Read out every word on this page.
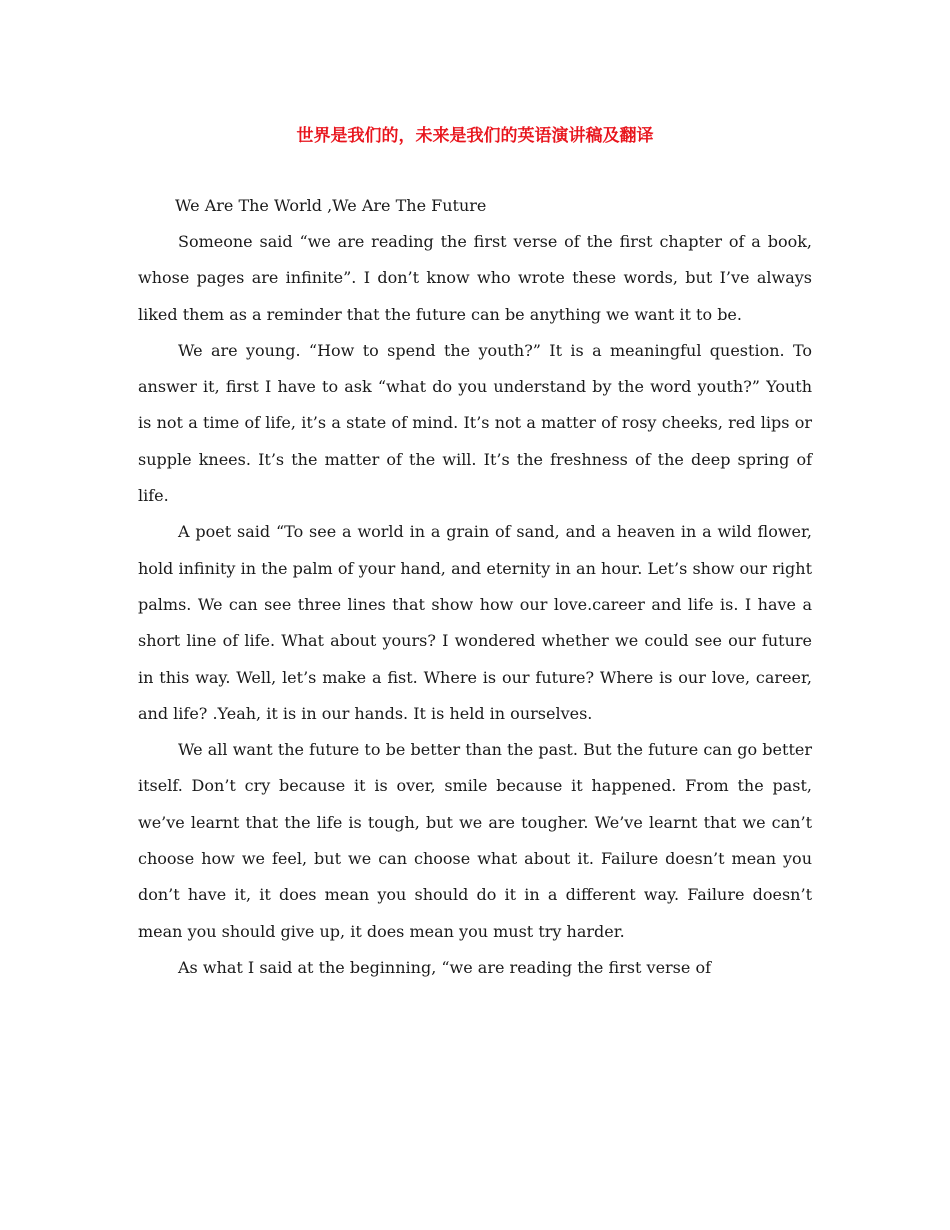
世界是我们的，未来是我们的英语演讲稿及翻译

We Are The World ,We Are The Future

Someone said “we are reading the first verse of the first chapter of a book, whose pages are infinite”. I don’t know who wrote these words, but I’ve always liked them as a reminder that the future can be anything we want it to be.

We are young. “How to spend the youth?” It is a meaningful question. To answer it, first I have to ask “what do you understand by the word youth?” Youth is not a time of life, it’s a state of mind. It’s not a matter of rosy cheeks, red lips or supple knees. It’s the matter of the will. It’s the freshness of the deep spring of life.

A poet said “To see a world in a grain of sand, and a heaven in a wild flower, hold infinity in the palm of your hand, and eternity in an hour. Let’s show our right palms. We can see three lines that show how our love.career and life is. I have a short line of life. What about yours? I wondered whether we could see our future in this way. Well, let’s make a fist. Where is our future? Where is our love, career, and life? .Yeah, it is in our hands. It is held in ourselves.

We all want the future to be better than the past. But the future can go better itself. Don’t cry because it is over, smile because it happened. From the past, we’ve learnt that the life is tough, but we are tougher. We’ve learnt that we can’t choose how we feel, but we can choose what about it. Failure doesn’t mean you don’t have it, it does mean you should do it in a different way. Failure doesn’t mean you should give up, it does mean you must try harder.

As what I said at the beginning, “we are reading the first verse of
